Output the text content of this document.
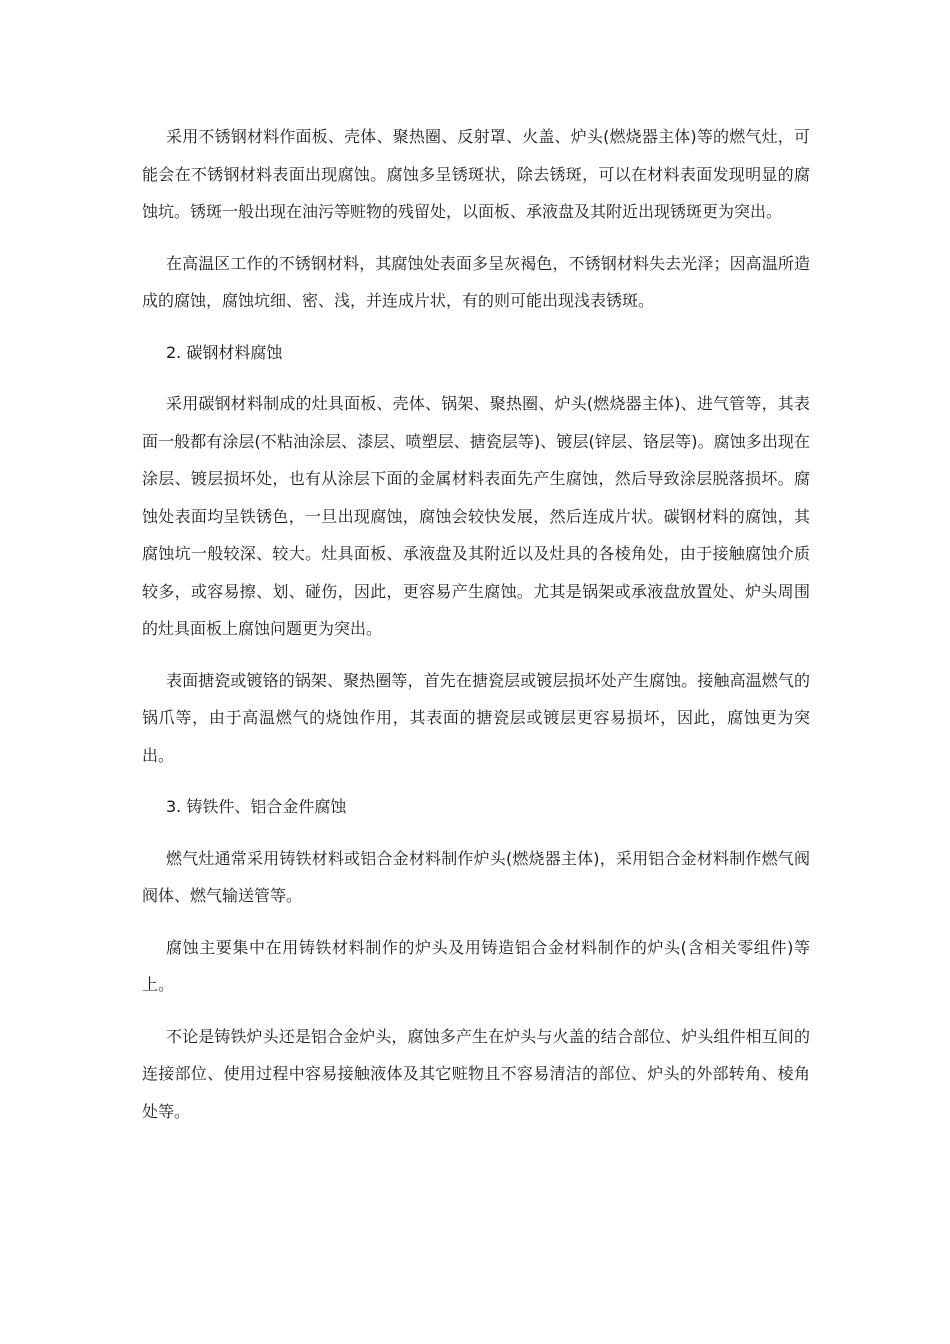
采用不锈钢材料作面板、壳体、聚热圈、反射罩、火盖、炉头(燃烧器主体)等的燃气灶，可能会在不锈钢材料表面出现腐蚀。腐蚀多呈锈斑状，除去锈斑，可以在材料表面发现明显的腐蚀坑。锈斑一般出现在油污等赃物的残留处，以面板、承液盘及其附近出现锈斑更为突出。

在高温区工作的不锈钢材料，其腐蚀处表面多呈灰褐色，不锈钢材料失去光泽；因高温所造成的腐蚀，腐蚀坑细、密、浅，并连成片状，有的则可能出现浅表锈斑。

2. 碳钢材料腐蚀

采用碳钢材料制成的灶具面板、壳体、锅架、聚热圈、炉头(燃烧器主体)、进气管等，其表面一般都有涂层(不粘油涂层、漆层、喷塑层、搪瓷层等)、镀层(锌层、铬层等)。腐蚀多出现在涂层、镀层损坏处，也有从涂层下面的金属材料表面先产生腐蚀，然后导致涂层脱落损坏。腐蚀处表面均呈铁锈色，一旦出现腐蚀，腐蚀会较快发展，然后连成片状。碳钢材料的腐蚀，其腐蚀坑一般较深、较大。灶具面板、承液盘及其附近以及灶具的各棱角处，由于接触腐蚀介质较多，或容易擦、划、碰伤，因此，更容易产生腐蚀。尤其是锅架或承液盘放置处、炉头周围的灶具面板上腐蚀问题更为突出。

表面搪瓷或镀铬的锅架、聚热圈等，首先在搪瓷层或镀层损坏处产生腐蚀。接触高温燃气的锅爪等，由于高温燃气的烧蚀作用，其表面的搪瓷层或镀层更容易损坏，因此，腐蚀更为突出。

3. 铸铁件、铝合金件腐蚀

燃气灶通常采用铸铁材料或铝合金材料制作炉头(燃烧器主体)，采用铝合金材料制作燃气阀阀体、燃气输送管等。

腐蚀主要集中在用铸铁材料制作的炉头及用铸造铝合金材料制作的炉头(含相关零组件)等上。

不论是铸铁炉头还是铝合金炉头，腐蚀多产生在炉头与火盖的结合部位、炉头组件相互间的连接部位、使用过程中容易接触液体及其它赃物且不容易清洁的部位、炉头的外部转角、棱角处等。
